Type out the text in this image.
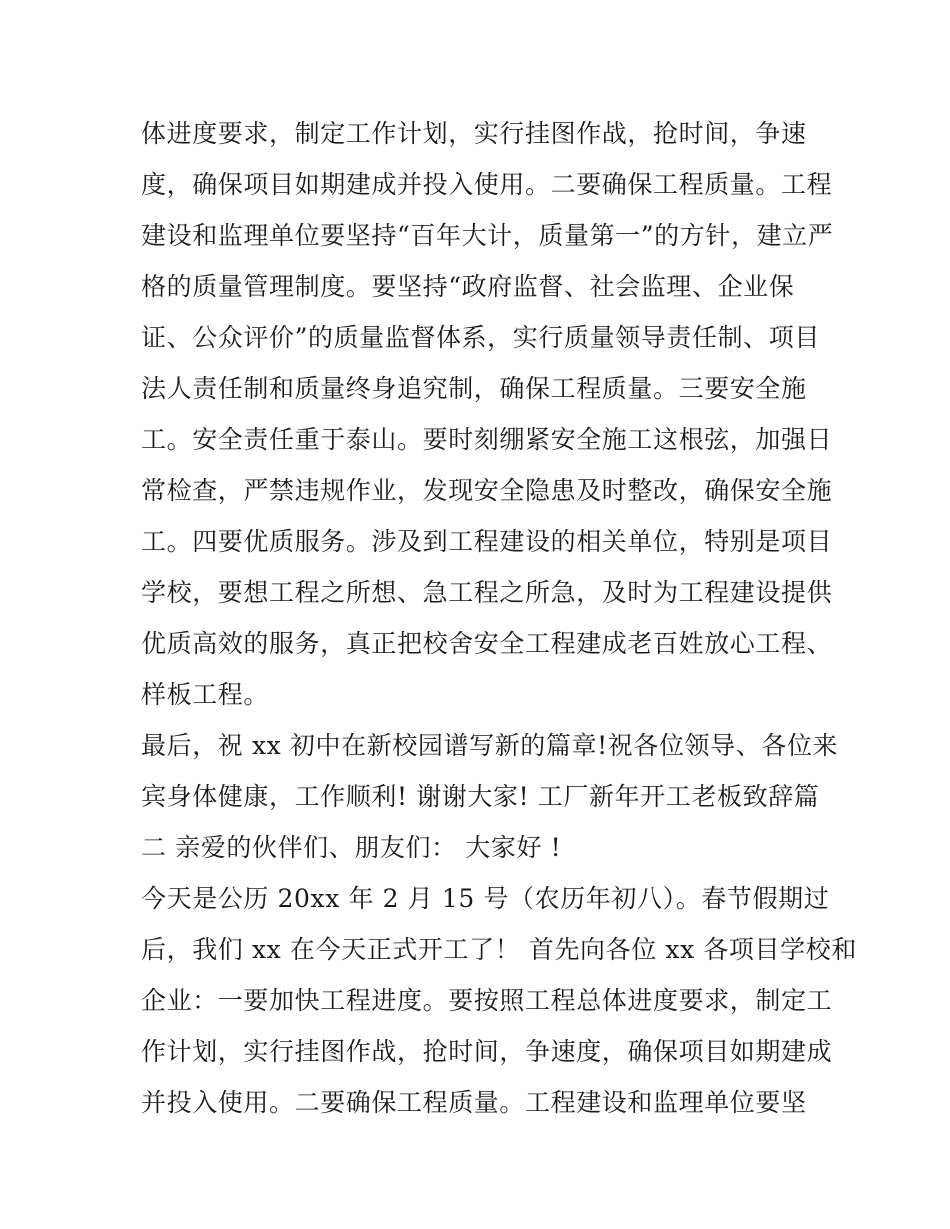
体进度要求，制定工作计划，实行挂图作战，抢时间，争速
度，确保项目如期建成并投入使用。二要确保工程质量。工程
建设和监理单位要坚持“百年大计，质量第一”的方针，建立严
格的质量管理制度。要坚持“政府监督、社会监理、企业保
证、公众评价”的质量监督体系，实行质量领导责任制、项目
法人责任制和质量终身追究制，确保工程质量。三要安全施
工。安全责任重于泰山。要时刻绷紧安全施工这根弦，加强日
常检查，严禁违规作业，发现安全隐患及时整改，确保安全施
工。四要优质服务。涉及到工程建设的相关单位，特别是项目
学校，要想工程之所想、急工程之所急，及时为工程建设提供
优质高效的服务，真正把校舍安全工程建成老百姓放心工程、
样板工程。
最后，祝 xx 初中在新校园谱写新的篇章!祝各位领导、各位来
宾身体健康，工作顺利! 谢谢大家! 工厂新年开工老板致辞篇
二 亲爱的伙伴们、朋友们： 大家好 !
今天是公历 20xx 年 2 月 15 号（农历年初八）。春节假期过
后，我们 xx 在今天正式开工了！ 首先向各位 xx 各项目学校和
企业：一要加快工程进度。要按照工程总体进度要求，制定工
作计划，实行挂图作战，抢时间，争速度，确保项目如期建成
并投入使用。二要确保工程质量。工程建设和监理单位要坚
